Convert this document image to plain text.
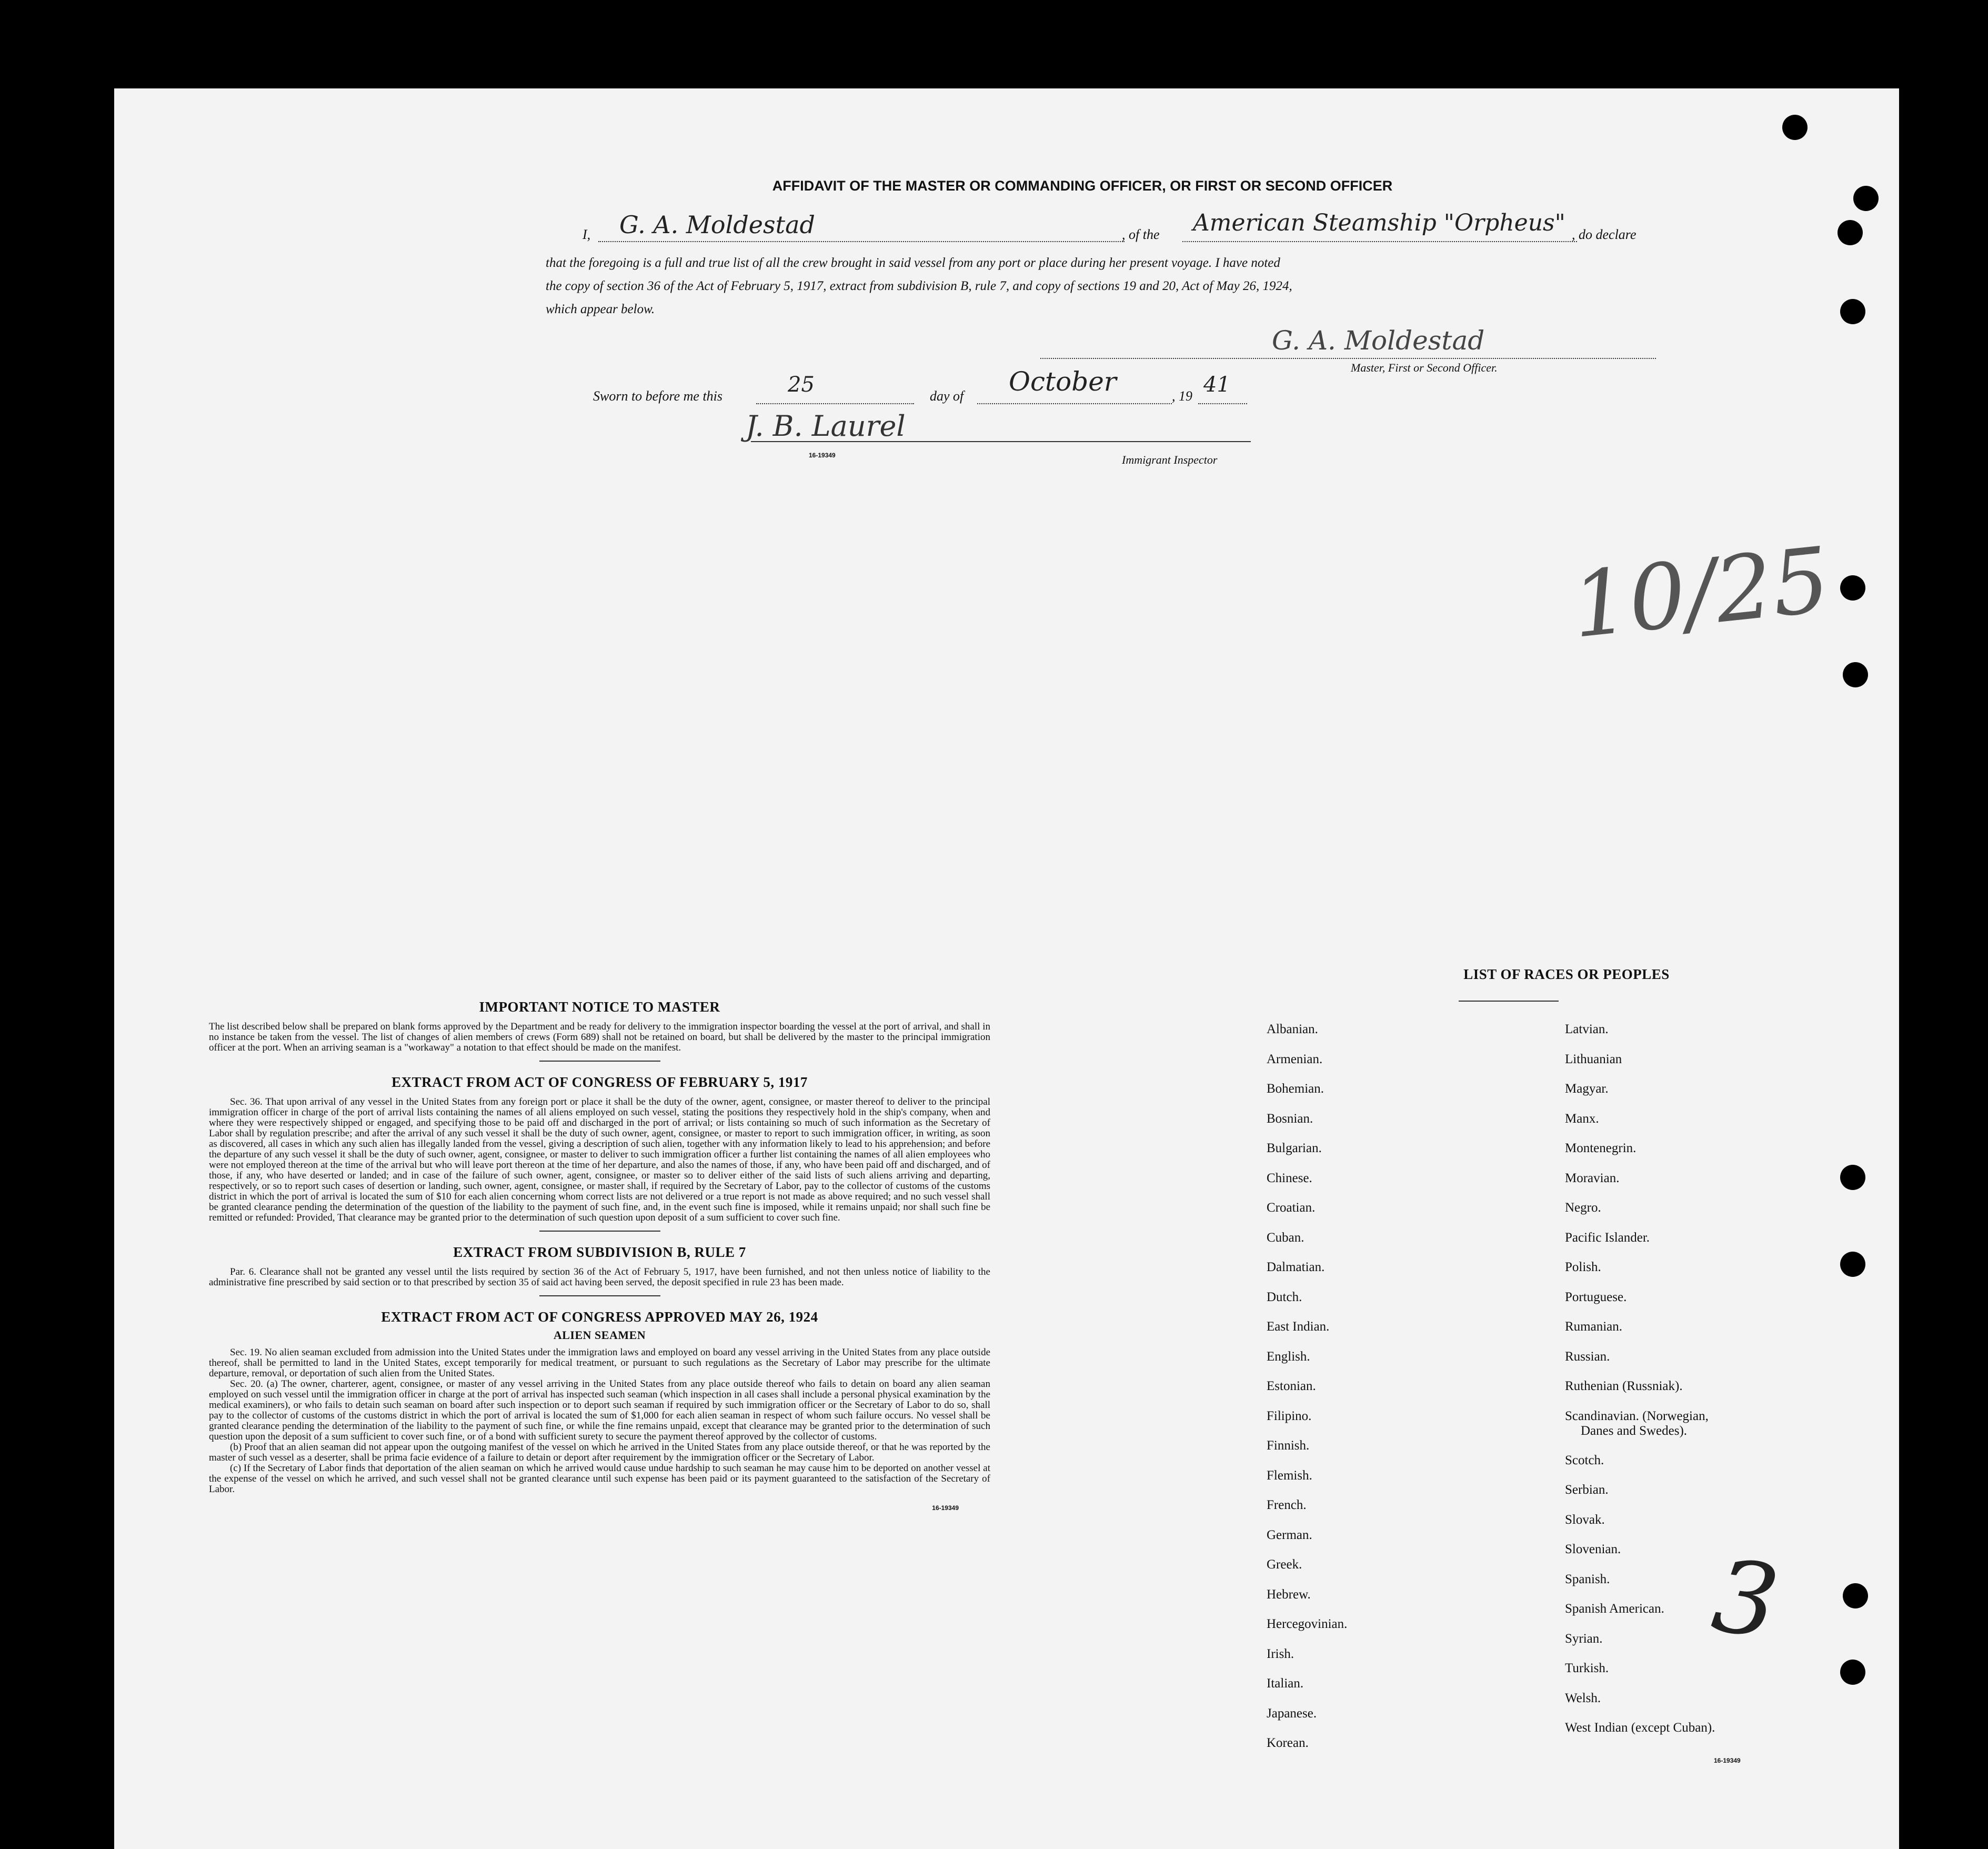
AFFIDAVIT OF THE MASTER OR COMMANDING OFFICER, OR FIRST OR SECOND OFFICER
I, G. A. Moldestad	, of the American Steamship "Orpheus" , do declare
that the foregoing is a full and true list of all the crew brought in said vessel from any port or place during her present voyage. I have noted
the copy of section 36 of the Act of February 5, 1917, extract from subdivision B, rule 7, and copy of sections 19 and 20, Act of May 26, 1924,
which appear below.
G. A. Moldestad
Master, First or Second Officer.
Sworn to before me this	25	day of October	, 19 41
J. B. Laurel
16-19349	Immigrant Inspector
10/25
3
IMPORTANT NOTICE TO MASTER
The list described below shall be prepared on blank forms approved by the Department and be ready for delivery to the immigration inspector boarding the vessel at the port of arrival, and shall in no instance be taken from the vessel. The list of changes of alien members of crews (Form 689) shall not be retained on board, but shall be delivered by the master to the principal immigration officer at the port. When an arriving seaman is a "workaway" a notation to that effect should be made on the manifest.
EXTRACT FROM ACT OF CONGRESS OF FEBRUARY 5, 1917
Sec. 36. That upon arrival of any vessel in the United States from any foreign port or place it shall be the duty of the owner, agent, consignee, or master thereof to deliver to the principal immigration officer in charge of the port of arrival lists containing the names of all aliens employed on such vessel, stating the positions they respectively hold in the ship's company, when and where they were respectively shipped or engaged, and specifying those to be paid off and discharged in the port of arrival; or lists containing so much of such information as the Secretary of Labor shall by regulation prescribe; and after the arrival of any such vessel it shall be the duty of such owner, agent, consignee, or master to report to such immigration officer, in writing, as soon as discovered, all cases in which any such alien has illegally landed from the vessel, giving a description of such alien, together with any information likely to lead to his apprehension; and before the departure of any such vessel it shall be the duty of such owner, agent, consignee, or master to deliver to such immigration officer a further list containing the names of all alien employees who were not employed thereon at the time of the arrival but who will leave port thereon at the time of her departure, and also the names of those, if any, who have been paid off and discharged, and of those, if any, who have deserted or landed; and in case of the failure of such owner, agent, consignee, or master so to deliver either of the said lists of such aliens arriving and departing, respectively, or so to report such cases of desertion or landing, such owner, agent, consignee, or master shall, if required by the Secretary of Labor, pay to the collector of customs of the customs district in which the port of arrival is located the sum of $10 for each alien concerning whom correct lists are not delivered or a true report is not made as above required; and no such vessel shall be granted clearance pending the determination of the question of the liability to the payment of such fine, and, in the event such fine is imposed, while it remains unpaid; nor shall such fine be remitted or refunded: Provided, That clearance may be granted prior to the determination of such question upon deposit of a sum sufficient to cover such fine.
EXTRACT FROM SUBDIVISION B, RULE 7
Par. 6. Clearance shall not be granted any vessel until the lists required by section 36 of the Act of February 5, 1917, have been furnished, and not then unless notice of liability to the administrative fine prescribed by said section or to that prescribed by section 35 of said act having been served, the deposit specified in rule 23 has been made.
EXTRACT FROM ACT OF CONGRESS APPROVED MAY 26, 1924
ALIEN SEAMEN
Sec. 19. No alien seaman excluded from admission into the United States under the immigration laws and employed on board any vessel arriving in the United States from any place outside thereof, shall be permitted to land in the United States, except temporarily for medical treatment, or pursuant to such regulations as the Secretary of Labor may prescribe for the ultimate departure, removal, or deportation of such alien from the United States.
Sec. 20. (a) The owner, charterer, agent, consignee, or master of any vessel arriving in the United States from any place outside thereof who fails to detain on board any alien seaman employed on such vessel until the immigration officer in charge at the port of arrival has inspected such seaman (which inspection in all cases shall include a personal physical examination by the medical examiners), or who fails to detain such seaman on board after such inspection or to deport such seaman if required by such immigration officer or the Secretary of Labor to do so, shall pay to the collector of customs of the customs district in which the port of arrival is located the sum of $1,000 for each alien seaman in respect of whom such failure occurs. No vessel shall be granted clearance pending the determination of the liability to the payment of such fine, or while the fine remains unpaid, except that clearance may be granted prior to the determination of such question upon the deposit of a sum sufficient to cover such fine, or of a bond with sufficient surety to secure the payment thereof approved by the collector of customs.
(b) Proof that an alien seaman did not appear upon the outgoing manifest of the vessel on which he arrived in the United States from any place outside thereof, or that he was reported by the master of such vessel as a deserter, shall be prima facie evidence of a failure to detain or deport after requirement by the immigration officer or the Secretary of Labor.
(c) If the Secretary of Labor finds that deportation of the alien seaman on which he arrived would cause undue hardship to such seaman he may cause him to be deported on another vessel at the expense of the vessel on which he arrived, and such vessel shall not be granted clearance until such expense has been paid or its payment guaranteed to the satisfaction of the Secretary of Labor.
16-19349
LIST OF RACES OR PEOPLES
Albanian.
Armenian.
Bohemian.
Bosnian.
Bulgarian.
Chinese.
Croatian.
Cuban.
Dalmatian.
Dutch.
East Indian.
English.
Estonian.
Filipino.
Finnish.
Flemish.
French.
German.
Greek.
Hebrew.
Hercegovinian.
Irish.
Italian.
Japanese.
Korean.
Latvian.
Lithuanian
Magyar.
Manx.
Montenegrin.
Moravian.
Negro.
Pacific Islander.
Polish.
Portuguese.
Rumanian.
Russian.
Ruthenian (Russniak).
Scandinavian. (Norwegian,
Danes and Swedes).
Scotch.
Serbian.
Slovak.
Slovenian.
Spanish.
Spanish American.
Syrian.
Turkish.
Welsh.
West Indian (except Cuban).
16-19349
